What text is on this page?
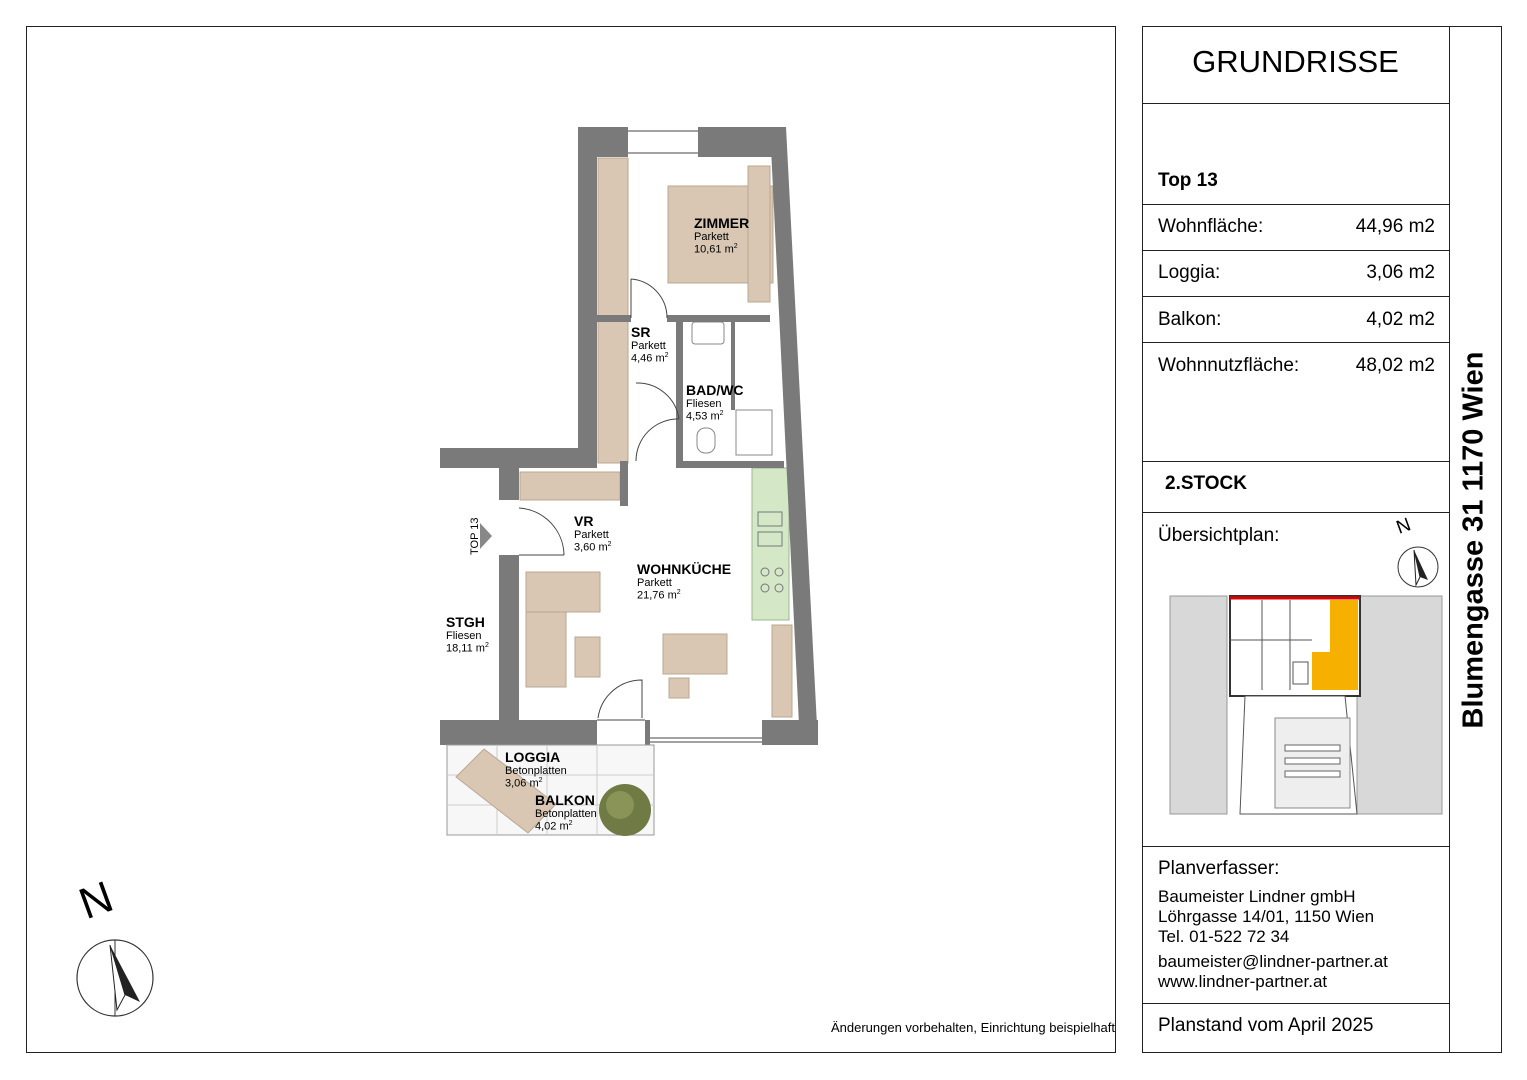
GRUNDRISSE
Top 13
Wohnfläche:	44,96 m2
Loggia:	3,06 m2
Balkon:	4,02 m2
Wohnnutzfläche:	48,02 m2
2.STOCK
Übersichtplan:	N
Planverfasser:
Baumeister Lindner gmbH
Löhrgasse 14/01, 1150 Wien
Tel. 01-522 72 34
baumeister@lindner-partner.at
www.lindner-partner.at
Planstand vom April 2025
Blumengasse 31 1170 Wien
Änderungen vorbehalten, Einrichtung beispielhaft
N
TOP 13
ZIMMER
Parkett
10,61 $m^2$
SR
Parkett
4,46 $m^2$
BAD/WC
Fliesen
4,53 $m^2$
VR
Parkett
3,60 $m^2$
WOHNKÜCHE
Parkett
21,76 $m^2$
STGH
Fliesen
18,11 $m^2$
LOGGIA
Betonplatten
3,06 $m^2$
BALKON
Betonplatten
4,02 $m^2$
